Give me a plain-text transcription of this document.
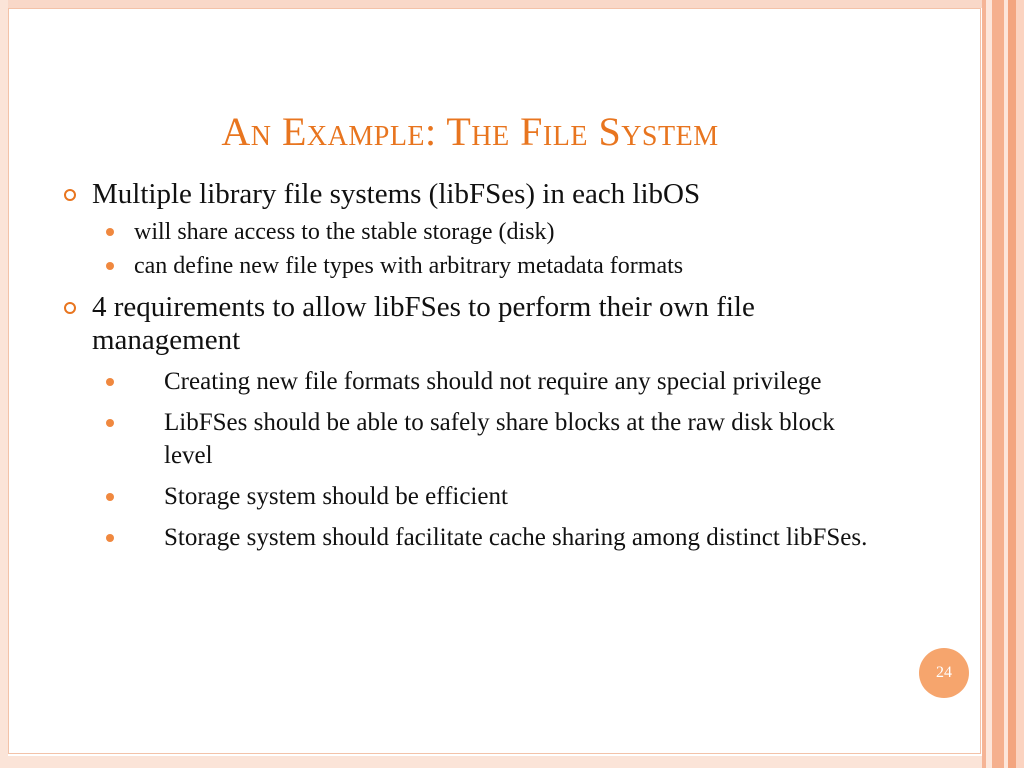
An Example: The File System
Multiple library file systems (libFSes) in each libOS
will share access to the stable storage (disk)
can define new file types with arbitrary metadata formats
4 requirements to allow libFSes to perform their own file management
Creating new file formats should not require any special privilege
LibFSes should be able to safely share blocks at the raw disk block level
Storage system should be efficient
Storage system should facilitate cache sharing among distinct libFSes.
24
